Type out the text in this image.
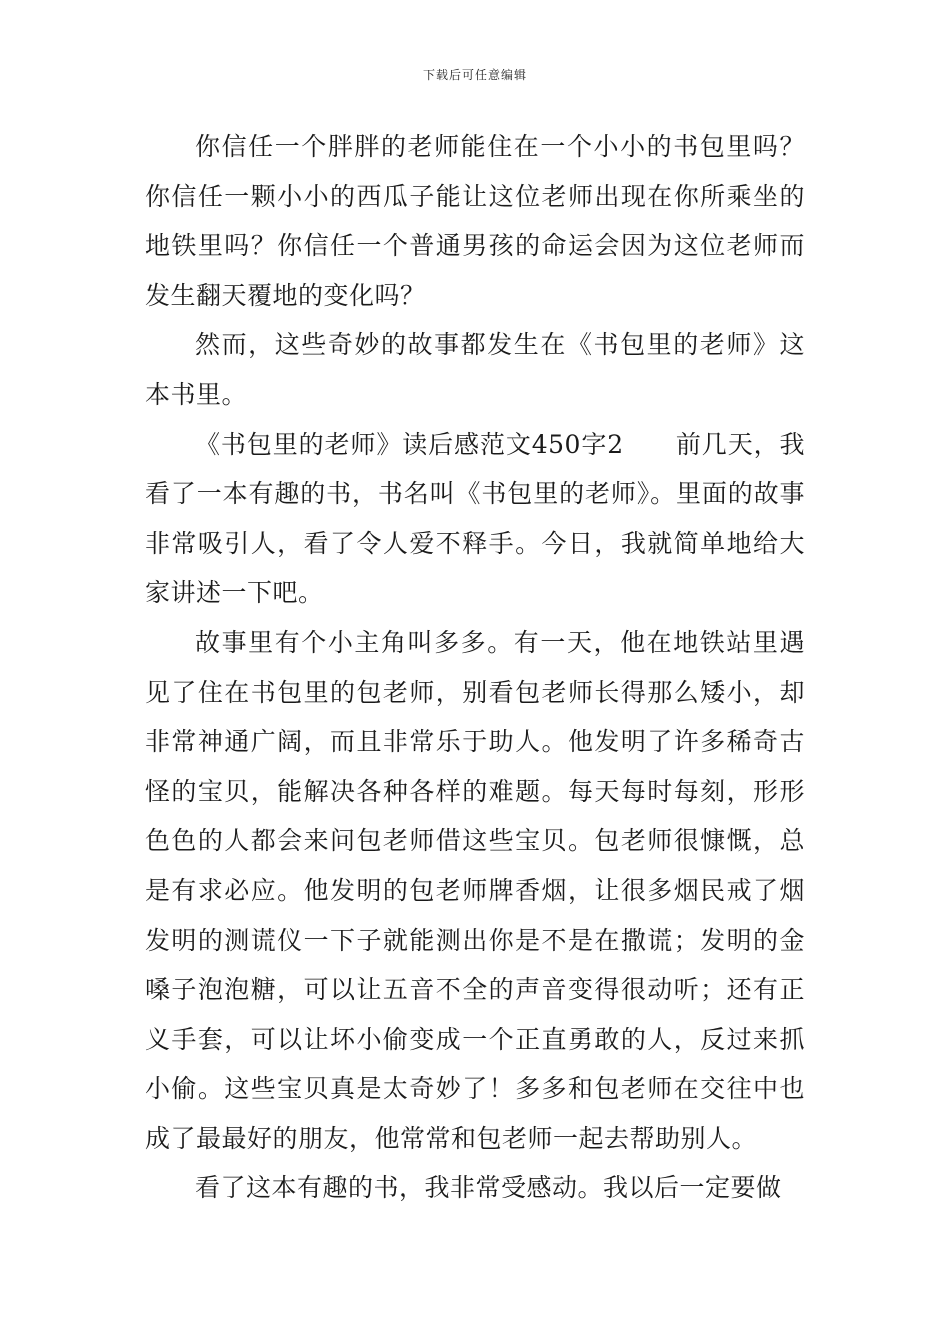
下载后可任意编辑

你信任一个胖胖的老师能住在一个小小的书包里吗？你信任一颗小小的西瓜子能让这位老师出现在你所乘坐的地铁里吗？你信任一个普通男孩的命运会因为这位老师而发生翻天覆地的变化吗？

然而，这些奇妙的故事都发生在《书包里的老师》这本书里。

《书包里的老师》读后感范文450字2　　前几天，我看了一本有趣的书，书名叫《书包里的老师》。里面的故事非常吸引人，看了令人爱不释手。今日，我就简单地给大家讲述一下吧。

故事里有个小主角叫多多。有一天，他在地铁站里遇见了住在书包里的包老师，别看包老师长得那么矮小，却非常神通广阔，而且非常乐于助人。他发明了许多稀奇古怪的宝贝，能解决各种各样的难题。每天每时每刻，形形色色的人都会来问包老师借这些宝贝。包老师很慷慨，总是有求必应。他发明的包老师牌香烟，让很多烟民戒了烟发明的测谎仪一下子就能测出你是不是在撒谎；发明的金嗓子泡泡糖，可以让五音不全的声音变得很动听；还有正义手套，可以让坏小偷变成一个正直勇敢的人，反过来抓小偷。这些宝贝真是太奇妙了！多多和包老师在交往中也成了最最好的朋友，他常常和包老师一起去帮助别人。

看了这本有趣的书，我非常受感动。我以后一定要做
